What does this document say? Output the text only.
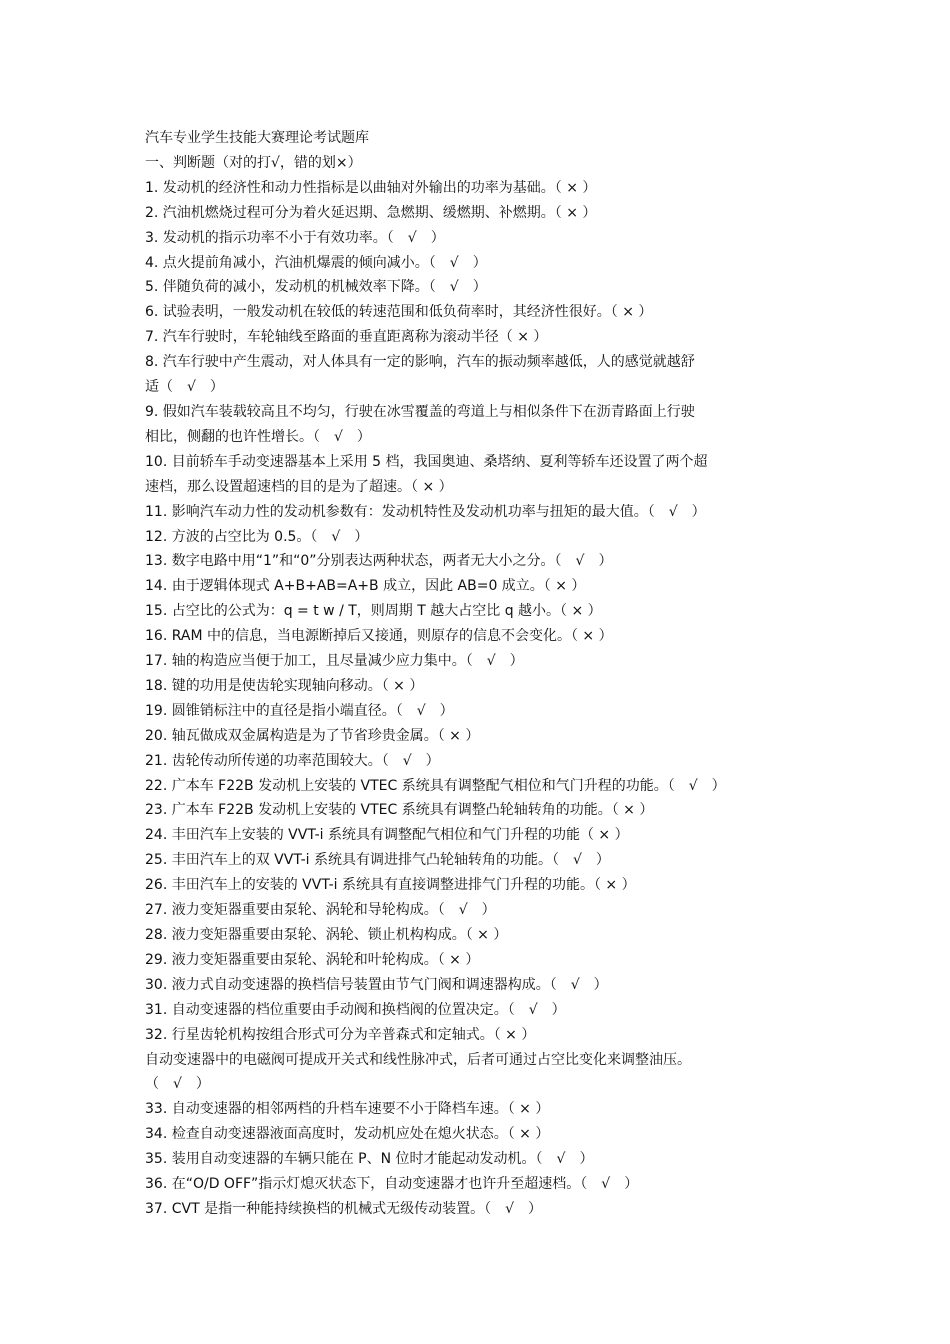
汽车专业学生技能大赛理论考试题库
一、判断题（对的打√，错的划×）
1. 发动机的经济性和动力性指标是以曲轴对外输出的功率为基础。（ × ）
2. 汽油机燃烧过程可分为着火延迟期、急燃期、缓燃期、补燃期。（ × ）
3. 发动机的指示功率不小于有效功率。（　√　）
4. 点火提前角减小，汽油机爆震的倾向减小。（　√　）
5. 伴随负荷的减小，发动机的机械效率下降。（　√　）
6. 试验表明，一般发动机在较低的转速范围和低负荷率时，其经济性很好。（ × ）
7. 汽车行驶时，车轮轴线至路面的垂直距离称为滚动半径（ × ）
8. 汽车行驶中产生震动，对人体具有一定的影响，汽车的振动频率越低，人的感觉就越舒
适（　√　）
9. 假如汽车装载较高且不均匀，行驶在冰雪覆盖的弯道上与相似条件下在沥青路面上行驶
相比，侧翻的也许性增长。（　√　）
10. 目前轿车手动变速器基本上采用 5 档，我国奥迪、桑塔纳、夏利等轿车还设置了两个超
速档，那么设置超速档的目的是为了超速。（ × ）
11. 影响汽车动力性的发动机参数有：发动机特性及发动机功率与扭矩的最大值。（　√　）
12. 方波的占空比为 0.5。（　√　）
13. 数字电路中用“1”和“0”分别表达两种状态，两者无大小之分。（　√　）
14. 由于逻辑体现式 A+B+AB=A+B 成立，因此 AB=0 成立。（ × ）
15. 占空比的公式为：q = t w / T，则周期 T 越大占空比 q 越小。（ × ）
16. RAM 中的信息，当电源断掉后又接通，则原存的信息不会变化。（ × ）
17. 轴的构造应当便于加工，且尽量减少应力集中。（　√　）
18. 键的功用是使齿轮实现轴向移动。（ × ）
19. 圆锥销标注中的直径是指小端直径。（　√　）
20. 轴瓦做成双金属构造是为了节省珍贵金属。（ × ）
21. 齿轮传动所传递的功率范围较大。（　√　）
22. 广本车 F22B 发动机上安装的 VTEC 系统具有调整配气相位和气门升程的功能。（　√　）
23. 广本车 F22B 发动机上安装的 VTEC 系统具有调整凸轮轴转角的功能。（ × ）
24. 丰田汽车上安装的 VVT-i 系统具有调整配气相位和气门升程的功能（ × ）
25. 丰田汽车上的双 VVT-i 系统具有调进排气凸轮轴转角的功能。（　√　）
26. 丰田汽车上的安装的 VVT-i 系统具有直接调整进排气门升程的功能。（ × ）
27. 液力变矩器重要由泵轮、涡轮和导轮构成。（　√　）
28. 液力变矩器重要由泵轮、涡轮、锁止机构构成。（ × ）
29. 液力变矩器重要由泵轮、涡轮和叶轮构成。（ × ）
30. 液力式自动变速器的换档信号装置由节气门阀和调速器构成。（　√　）
31. 自动变速器的档位重要由手动阀和换档阀的位置决定。（　√　）
32. 行星齿轮机构按组合形式可分为辛普森式和定轴式。（ × ）
自动变速器中的电磁阀可提成开关式和线性脉冲式，后者可通过占空比变化来调整油压。
（　√　）
33. 自动变速器的相邻两档的升档车速要不小于降档车速。（ × ）
34. 检查自动变速器液面高度时，发动机应处在熄火状态。（ × ）
35. 装用自动变速器的车辆只能在 P、N 位时才能起动发动机。（　√　）
36. 在“O/D OFF”指示灯熄灭状态下，自动变速器才也许升至超速档。（　√　）
37. CVT 是指一种能持续换档的机械式无级传动装置。（　√　）
